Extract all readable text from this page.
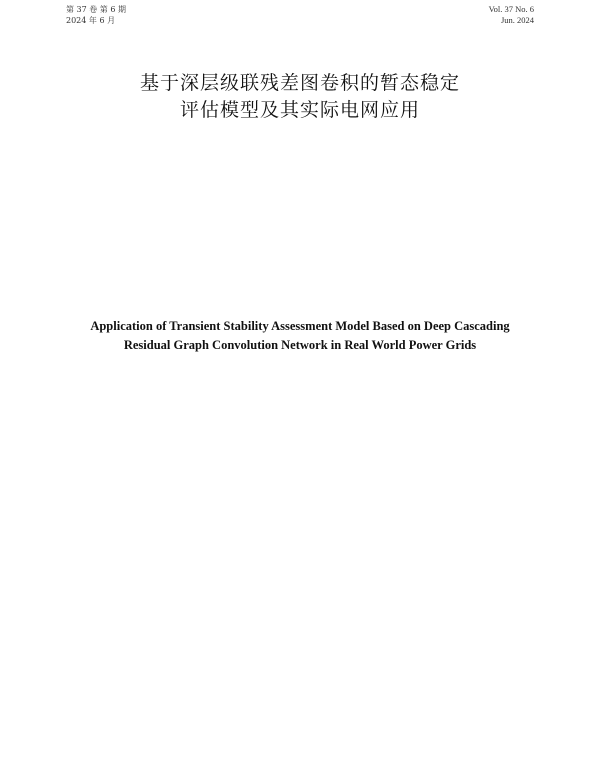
第 37 卷 第 6 期
2024 年 6 月
Vol. 37 No. 6
Jun. 2024
基于深层级联残差图卷积的暂态稳定
评估模型及其实际电网应用
Application of Transient Stability Assessment Model Based on Deep Cascading
Residual Graph Convolution Network in Real World Power Grids
